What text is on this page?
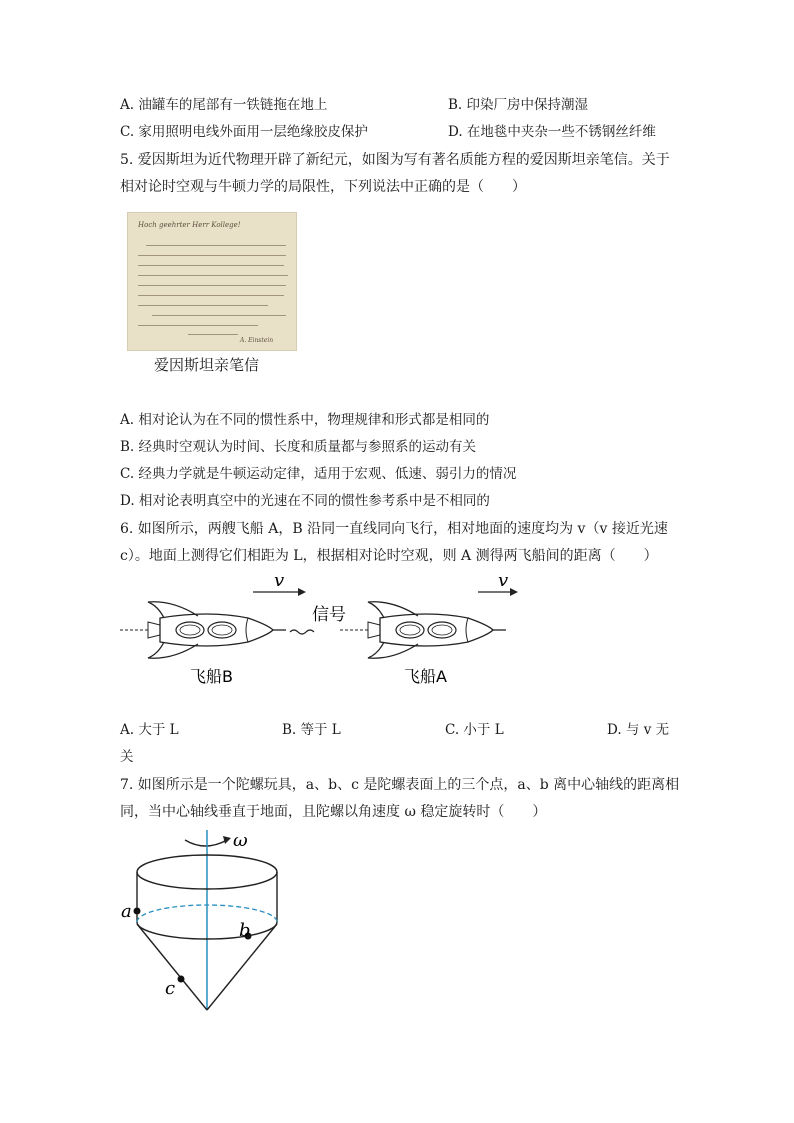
A. 油罐车的尾部有一铁链拖在地上	B. 印染厂房中保持潮湿
C. 家用照明电线外面用一层绝缘胶皮保护	D. 在地毯中夹杂一些不锈钢丝纤维
5. 爱因斯坦为近代物理开辟了新纪元，如图为写有著名质能方程的爱因斯坦亲笔信。关于
相对论时空观与牛顿力学的局限性，下列说法中正确的是（　　）
Hoch geehrter Herr Kollege!
A. Einstein
爱因斯坦亲笔信
A. 相对论认为在不同的惯性系中，物理规律和形式都是相同的
B. 经典时空观认为时间、长度和质量都与参照系的运动有关
C. 经典力学就是牛顿运动定律，适用于宏观、低速、弱引力的情况
D. 相对论表明真空中的光速在不同的惯性参考系中是不相同的
6. 如图所示，两艘飞船 A，B 沿同一直线同向飞行，相对地面的速度均为 v（v 接近光速
c）。地面上测得它们相距为 L，根据相对论时空观，则 A 测得两飞船间的距离（　　）
v	v
信号
飞船B	飞船A
A. 大于 L	B. 等于 L	C. 小于 L	D. 与 v 无
关
7. 如图所示是一个陀螺玩具，a、b、c 是陀螺表面上的三个点，a、b 离中心轴线的距离相
同，当中心轴线垂直于地面，且陀螺以角速度 ω 稳定旋转时（　　）
ω
a
b
c
